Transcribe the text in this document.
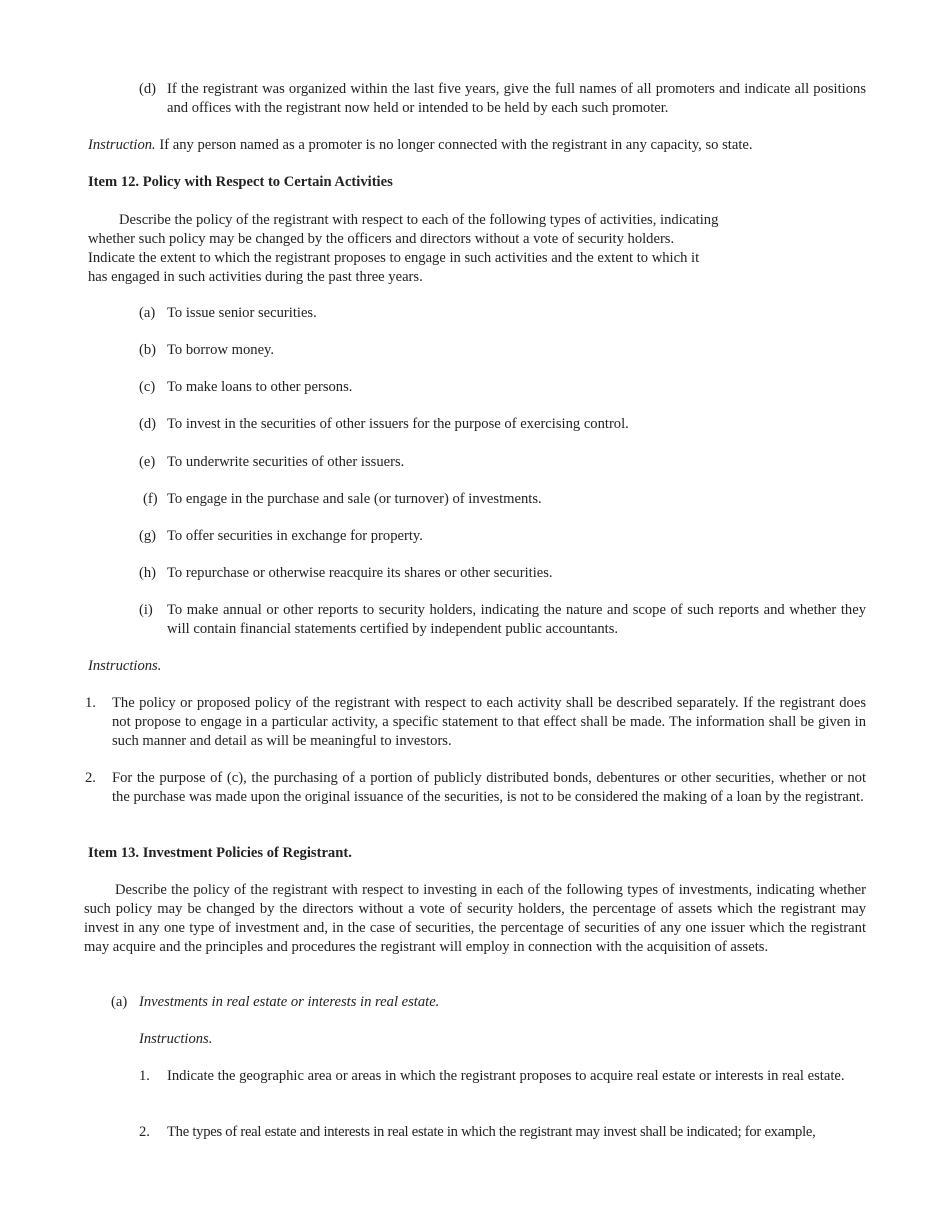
(d) If the registrant was organized within the last five years, give the full names of all promoters and indicate all positions and offices with the registrant now held or intended to be held by each such promoter.
Instruction. If any person named as a promoter is no longer connected with the registrant in any capacity, so state.
Item 12. Policy with Respect to Certain Activities
Describe the policy of the registrant with respect to each of the following types of activities, indicating
whether such policy may be changed by the officers and directors without a vote of security holders.
Indicate the extent to which the registrant proposes to engage in such activities and the extent to which it
has engaged in such activities during the past three years.
(a) To issue senior securities.
(b) To borrow money.
(c) To make loans to other persons.
(d) To invest in the securities of other issuers for the purpose of exercising control.
(e) To underwrite securities of other issuers.
(f) To engage in the purchase and sale (or turnover) of investments.
(g) To offer securities in exchange for property.
(h) To repurchase or otherwise reacquire its shares or other securities.
(i) To make annual or other reports to security holders, indicating the nature and scope of such reports and whether they will contain financial statements certified by independent public accountants.
Instructions.
1.	The policy or proposed policy of the registrant with respect to each activity shall be described separately. If the registrant does not propose to engage in a particular activity, a specific statement to that effect shall be made. The information shall be given in such manner and detail as will be meaningful to investors.
2.	For the purpose of (c), the purchasing of a portion of publicly distributed bonds, debentures or other securities, whether or not the purchase was made upon the original issuance of the securities, is not to be considered the making of a loan by the registrant.
Item 13. Investment Policies of Registrant.
Describe the policy of the registrant with respect to investing in each of the following types of investments, indicating whether such policy may be changed by the directors without a vote of security holders, the percentage of assets which the registrant may invest in any one type of investment and, in the case of securities, the percentage of securities of any one issuer which the registrant may acquire and the principles and procedures the registrant will employ in connection with the acquisition of assets.
(a) Investments in real estate or interests in real estate.
Instructions.
1.	Indicate the geographic area or areas in which the registrant proposes to acquire real estate or interests in real estate.
2.	The types of real estate and interests in real estate in which the registrant may invest shall be indicated; for example,
